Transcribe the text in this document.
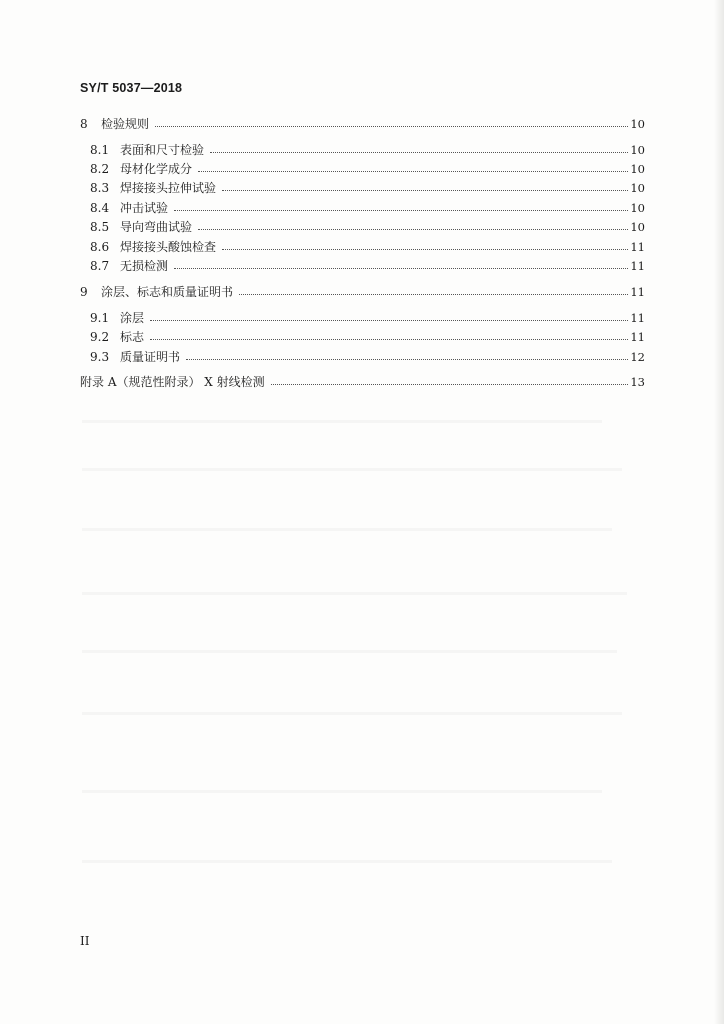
SY/T 5037—2018
8	检验规则	10
8.1 表面和尺寸检验	10
8.2 母材化学成分	10
8.3 焊接接头拉伸试验	10
8.4 冲击试验	10
8.5 导向弯曲试验	10
8.6 焊接接头酸蚀检查	11
8.7 无损检测	11
9	涂层、标志和质量证明书	11
9.1 涂层	11
9.2 标志	11
9.3 质量证明书	12
附录 A（规范性附录） X 射线检测	13
II
